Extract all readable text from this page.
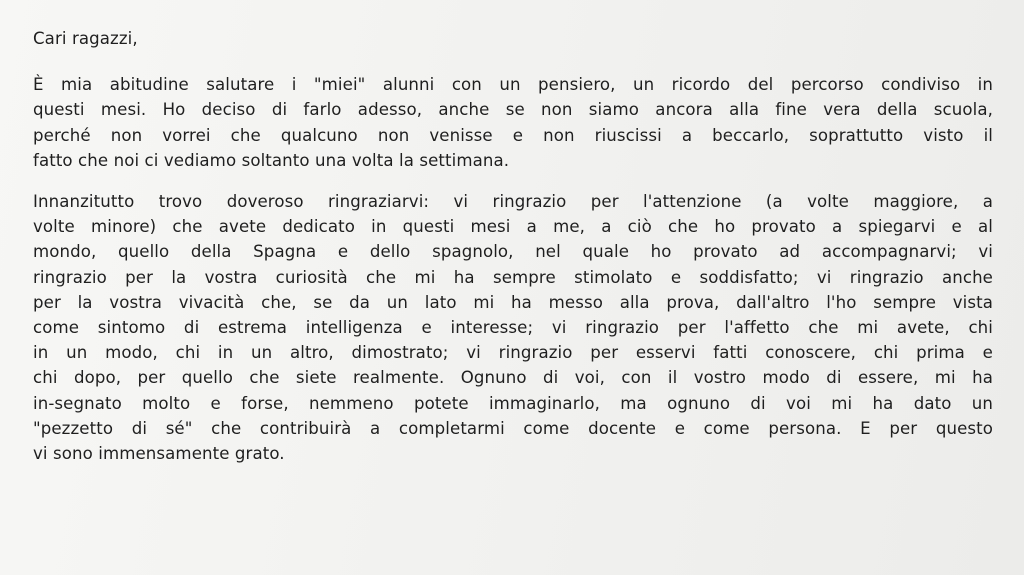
Cari ragazzi,
È mia abitudine salutare i "miei" alunni con un pensiero, un ricordo del percorso condiviso in
questi mesi. Ho deciso di farlo adesso, anche se non siamo ancora alla fine vera della scuola,
perché non vorrei che qualcuno non venisse e non riuscissi a beccarlo, soprattutto visto il
fatto che noi ci vediamo soltanto una volta la settimana.
Innanzitutto trovo doveroso ringraziarvi: vi ringrazio per l'attenzione (a volte maggiore, a
volte minore) che avete dedicato in questi mesi a me, a ciò che ho provato a spiegarvi e al
mondo, quello della Spagna e dello spagnolo, nel quale ho provato ad accompagnarvi; vi
ringrazio per la vostra curiosità che mi ha sempre stimolato e soddisfatto; vi ringrazio anche
per la vostra vivacità che, se da un lato mi ha messo alla prova, dall'altro l'ho sempre vista
come sintomo di estrema intelligenza e interesse; vi ringrazio per l'affetto che mi avete, chi
in un modo, chi in un altro, dimostrato; vi ringrazio per esservi fatti conoscere, chi prima e
chi dopo, per quello che siete realmente. Ognuno di voi, con il vostro modo di essere, mi ha
in-segnato molto e forse, nemmeno potete immaginarlo, ma ognuno di voi mi ha dato un
"pezzetto di sé" che contribuirà a completarmi come docente e come persona. E per questo
vi sono immensamente grato.
